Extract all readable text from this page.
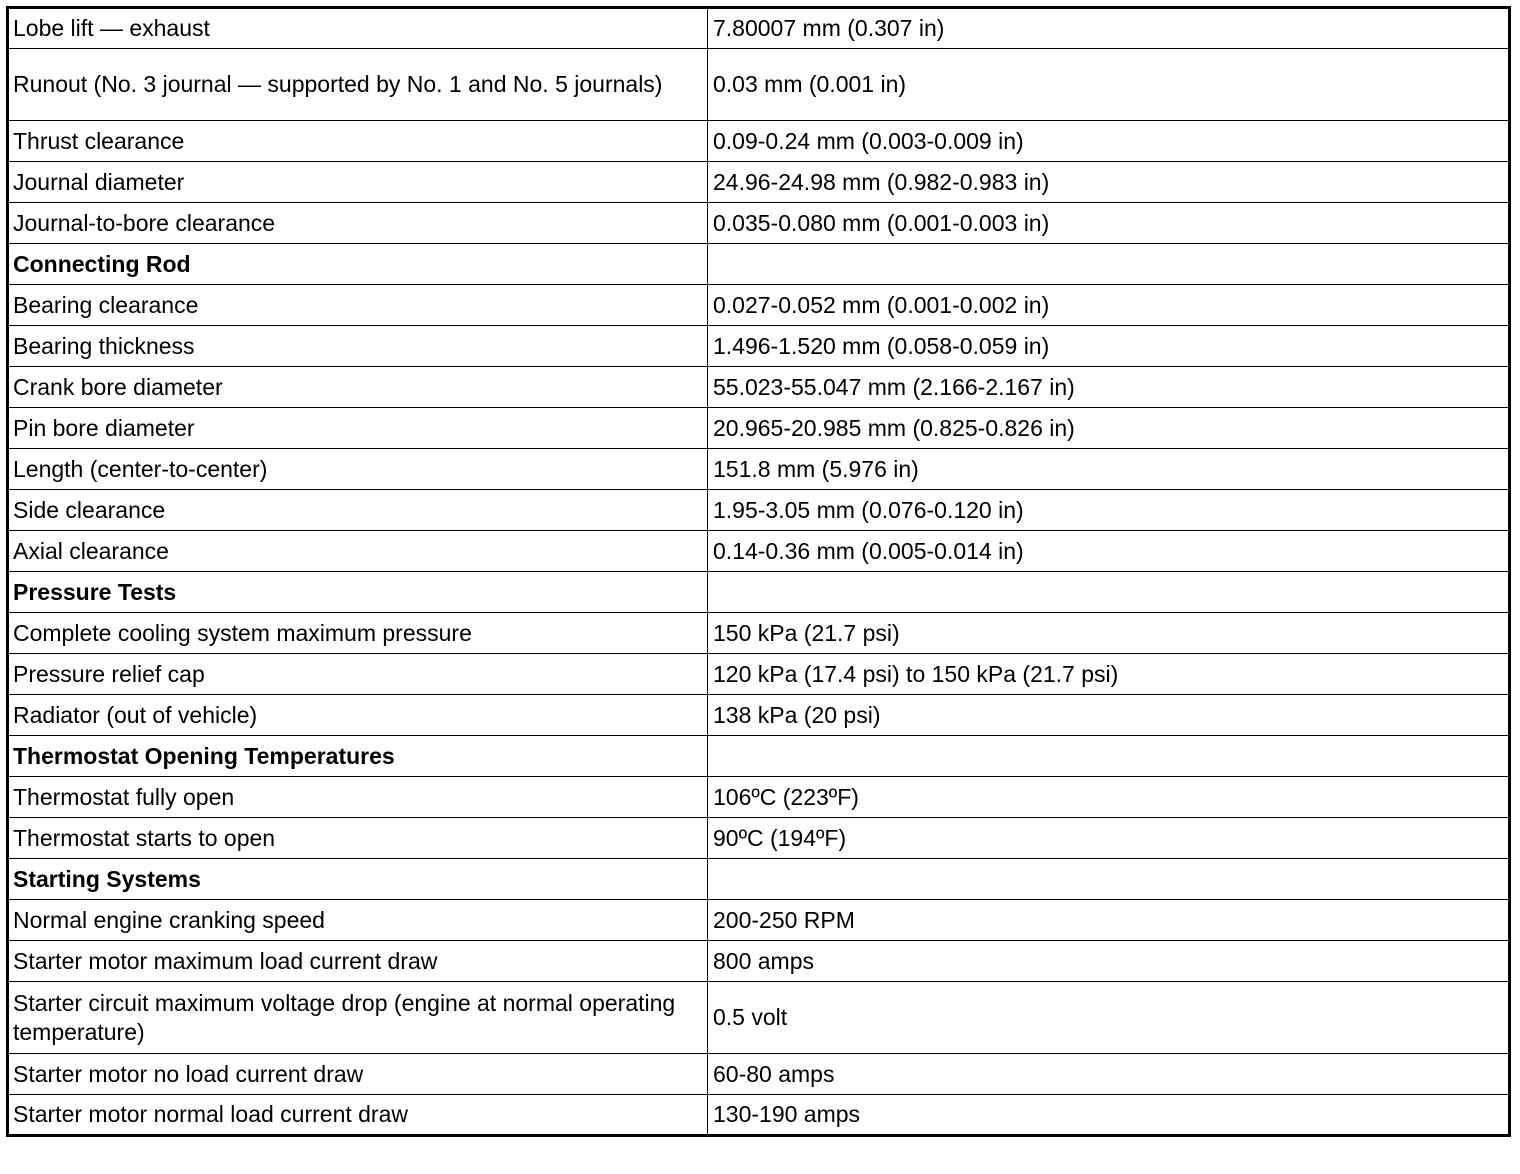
Lobe lift — exhaust	7.80007 mm (0.307 in)
Runout (No. 3 journal — supported by No. 1 and No. 5 journals)	0.03 mm (0.001 in)
Thrust clearance	0.09-0.24 mm (0.003-0.009 in)
Journal diameter	24.96-24.98 mm (0.982-0.983 in)
Journal-to-bore clearance	0.035-0.080 mm (0.001-0.003 in)
Connecting Rod	
Bearing clearance	0.027-0.052 mm (0.001-0.002 in)
Bearing thickness	1.496-1.520 mm (0.058-0.059 in)
Crank bore diameter	55.023-55.047 mm (2.166-2.167 in)
Pin bore diameter	20.965-20.985 mm (0.825-0.826 in)
Length (center-to-center)	151.8 mm (5.976 in)
Side clearance	1.95-3.05 mm (0.076-0.120 in)
Axial clearance	0.14-0.36 mm (0.005-0.014 in)
Pressure Tests	
Complete cooling system maximum pressure	150 kPa (21.7 psi)
Pressure relief cap	120 kPa (17.4 psi) to 150 kPa (21.7 psi)
Radiator (out of vehicle)	138 kPa (20 psi)
Thermostat Opening Temperatures	
Thermostat fully open	106ºC (223ºF)
Thermostat starts to open	90ºC (194ºF)
Starting Systems	
Normal engine cranking speed	200-250 RPM
Starter motor maximum load current draw	800 amps
Starter circuit maximum voltage drop (engine at normal operating temperature)	0.5 volt
Starter motor no load current draw	60-80 amps
Starter motor normal load current draw	130-190 amps
